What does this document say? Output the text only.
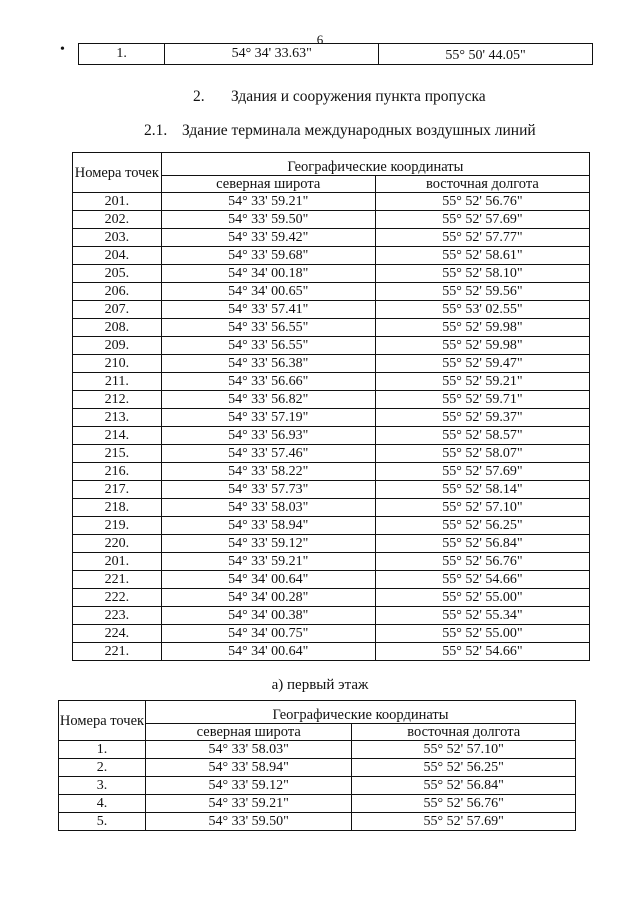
6
•	1.	54° 34' 33.63"	55° 50' 44.05"
2. Здания и сооружения пункта пропуска
2.1. Здание терминала международных воздушных линий
Номера точек	Географические координаты	
	северная широта	восточная долгота
201.	54° 33' 59.21"	55° 52' 56.76"
202.	54° 33' 59.50"	55° 52' 57.69"
203.	54° 33' 59.42"	55° 52' 57.77"
204.	54° 33' 59.68"	55° 52' 58.61"
205.	54° 34' 00.18"	55° 52' 58.10"
206.	54° 34' 00.65"	55° 52' 59.56"
207.	54° 33' 57.41"	55° 53' 02.55"
208.	54° 33' 56.55"	55° 52' 59.98"
209.	54° 33' 56.55"	55° 52' 59.98"
210.	54° 33' 56.38"	55° 52' 59.47"
211.	54° 33' 56.66"	55° 52' 59.21"
212.	54° 33' 56.82"	55° 52' 59.71"
213.	54° 33' 57.19"	55° 52' 59.37"
214.	54° 33' 56.93"	55° 52' 58.57"
215.	54° 33' 57.46"	55° 52' 58.07"
216.	54° 33' 58.22"	55° 52' 57.69"
217.	54° 33' 57.73"	55° 52' 58.14"
218.	54° 33' 58.03"	55° 52' 57.10"
219.	54° 33' 58.94"	55° 52' 56.25"
220.	54° 33' 59.12"	55° 52' 56.84"
201.	54° 33' 59.21"	55° 52' 56.76"
221.	54° 34' 00.64"	55° 52' 54.66"
222.	54° 34' 00.28"	55° 52' 55.00"
223.	54° 34' 00.38"	55° 52' 55.34"
224.	54° 34' 00.75"	55° 52' 55.00"
221.	54° 34' 00.64"	55° 52' 54.66"
а) первый этаж
Номера точек	Географические координаты	
	северная широта	восточная долгота
1.	54° 33' 58.03"	55° 52' 57.10"
2.	54° 33' 58.94"	55° 52' 56.25"
3.	54° 33' 59.12"	55° 52' 56.84"
4.	54° 33' 59.21"	55° 52' 56.76"
5.	54° 33' 59.50"	55° 52' 57.69"
